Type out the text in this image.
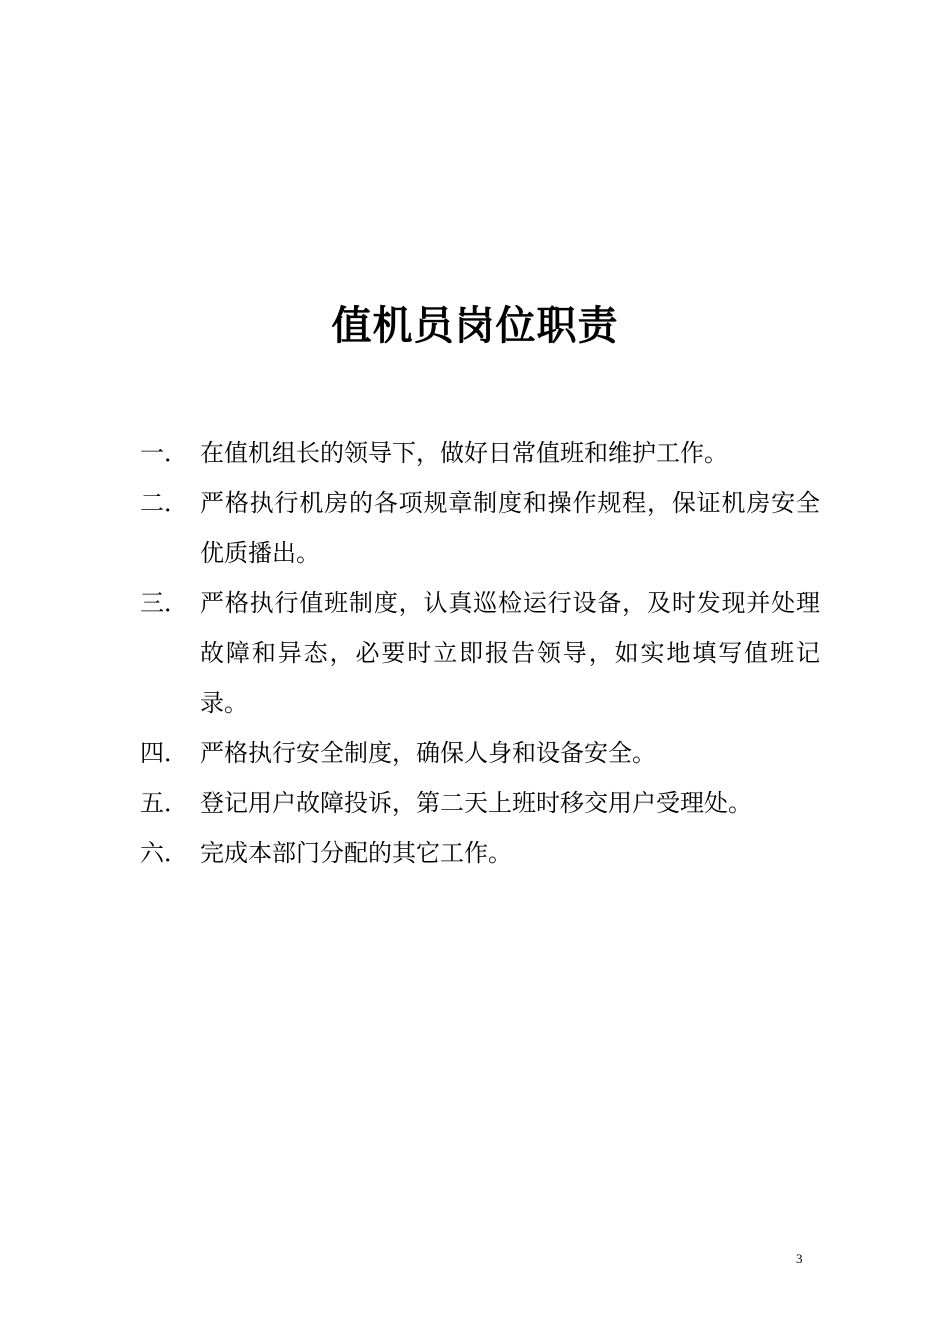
值机员岗位职责
一． 在值机组长的领导下，做好日常值班和维护工作。
二． 严格执行机房的各项规章制度和操作规程，保证机房安全优质播出。
三． 严格执行值班制度，认真巡检运行设备，及时发现并处理故障和异态，必要时立即报告领导，如实地填写值班记录。
四． 严格执行安全制度，确保人身和设备安全。
五． 登记用户故障投诉，第二天上班时移交用户受理处。
六． 完成本部门分配的其它工作。
3
